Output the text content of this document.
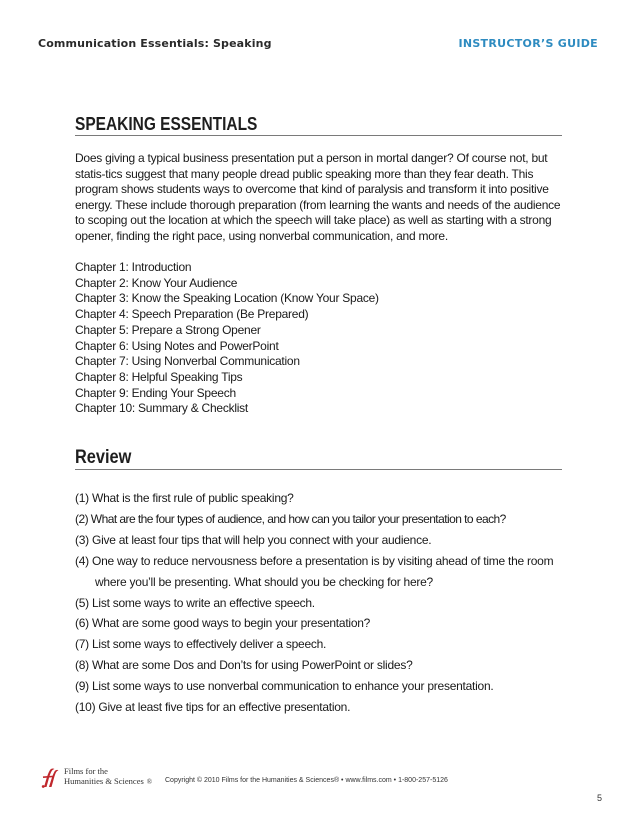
Communication Essentials: Speaking	INSTRUCTOR’S GUIDE
SPEAKING ESSENTIALS

Does giving a typical business presentation put a person in mortal danger? Of course not, but statis-tics suggest that many people dread public speaking more than they fear death. This program shows students ways to overcome that kind of paralysis and transform it into positive energy. These include thorough preparation (from learning the wants and needs of the audience to scoping out the location at which the speech will take place) as well as starting with a strong opener, finding the right pace, using nonverbal communication, and more.

Chapter 1: Introduction
Chapter 2: Know Your Audience
Chapter 3: Know the Speaking Location (Know Your Space)
Chapter 4: Speech Preparation (Be Prepared)
Chapter 5: Prepare a Strong Opener
Chapter 6: Using Notes and PowerPoint
Chapter 7: Using Nonverbal Communication
Chapter 8: Helpful Speaking Tips
Chapter 9: Ending Your Speech
Chapter 10: Summary & Checklist
Review
(1) What is the first rule of public speaking?
(2) What are the four types of audience, and how can you tailor your presentation to each?
(3) Give at least four tips that will help you connect with your audience.
(4) One way to reduce nervousness before a presentation is by visiting ahead of time the room
where you’ll be presenting. What should you be checking for here?
(5) List some ways to write an effective speech.
(6) What are some good ways to begin your presentation?
(7) List some ways to effectively deliver a speech.
(8) What are some Dos and Don’ts for using PowerPoint or slides?
(9) List some ways to use nonverbal communication to enhance your presentation.
(10) Give at least five tips for an effective presentation.
Films for the
Humanities & Sciences ® Copyright © 2010 Films for the Humanities & Sciences® • www.films.com • 1-800-257-5126
5
